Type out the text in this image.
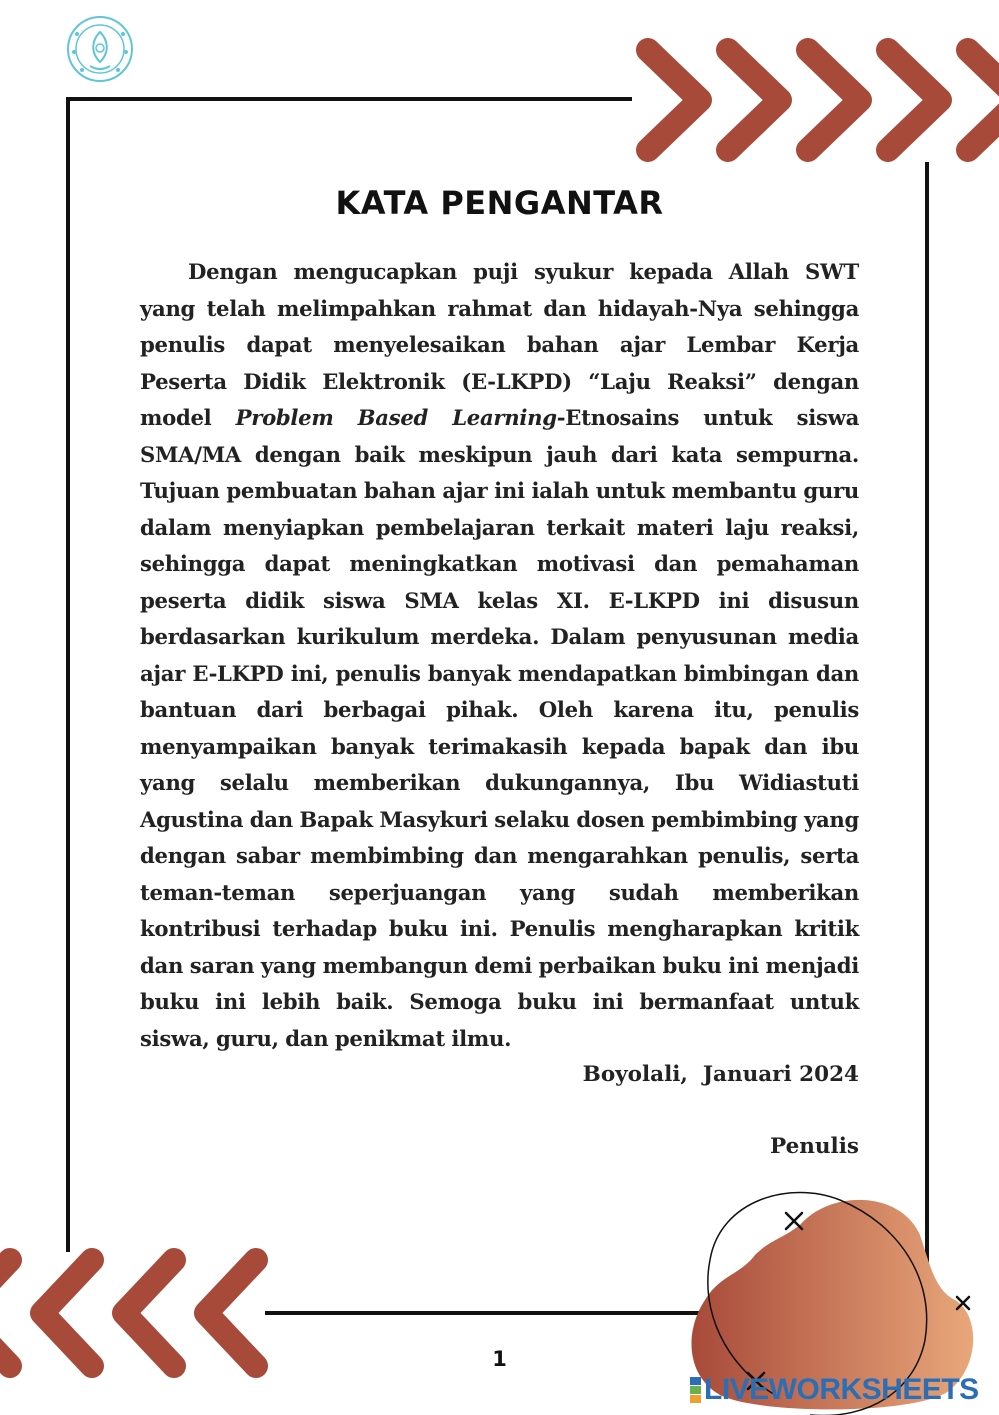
KATA PENGANTAR

Dengan mengucapkan puji syukur kepada Allah SWT yang telah melimpahkan rahmat dan hidayah-Nya sehingga penulis dapat menyelesaikan bahan ajar Lembar Kerja Peserta Didik Elektronik (E-LKPD) “Laju Reaksi” dengan model Problem Based Learning-Etnosains untuk siswa SMA/MA dengan baik meskipun jauh dari kata sempurna. Tujuan pembuatan bahan ajar ini ialah untuk membantu guru dalam menyiapkan pembelajaran terkait materi laju reaksi, sehingga dapat meningkatkan motivasi dan pemahaman peserta didik siswa SMA kelas XI. E-LKPD ini disusun berdasarkan kurikulum merdeka. Dalam penyusunan media ajar E-LKPD ini, penulis banyak mendapatkan bimbingan dan bantuan dari berbagai pihak. Oleh karena itu, penulis menyampaikan banyak terimakasih kepada bapak dan ibu yang selalu memberikan dukungannya, Ibu Widiastuti Agustina dan Bapak Masykuri selaku dosen pembimbing yang dengan sabar membimbing dan mengarahkan penulis, serta teman-teman seperjuangan yang sudah memberikan kontribusi terhadap buku ini. Penulis mengharapkan kritik dan saran yang membangun demi perbaikan buku ini menjadi buku ini lebih baik. Semoga buku ini bermanfaat untuk siswa, guru, dan penikmat ilmu.

Boyolali,  Januari 2024
Penulis
1
LIVEWORKSHEETS
